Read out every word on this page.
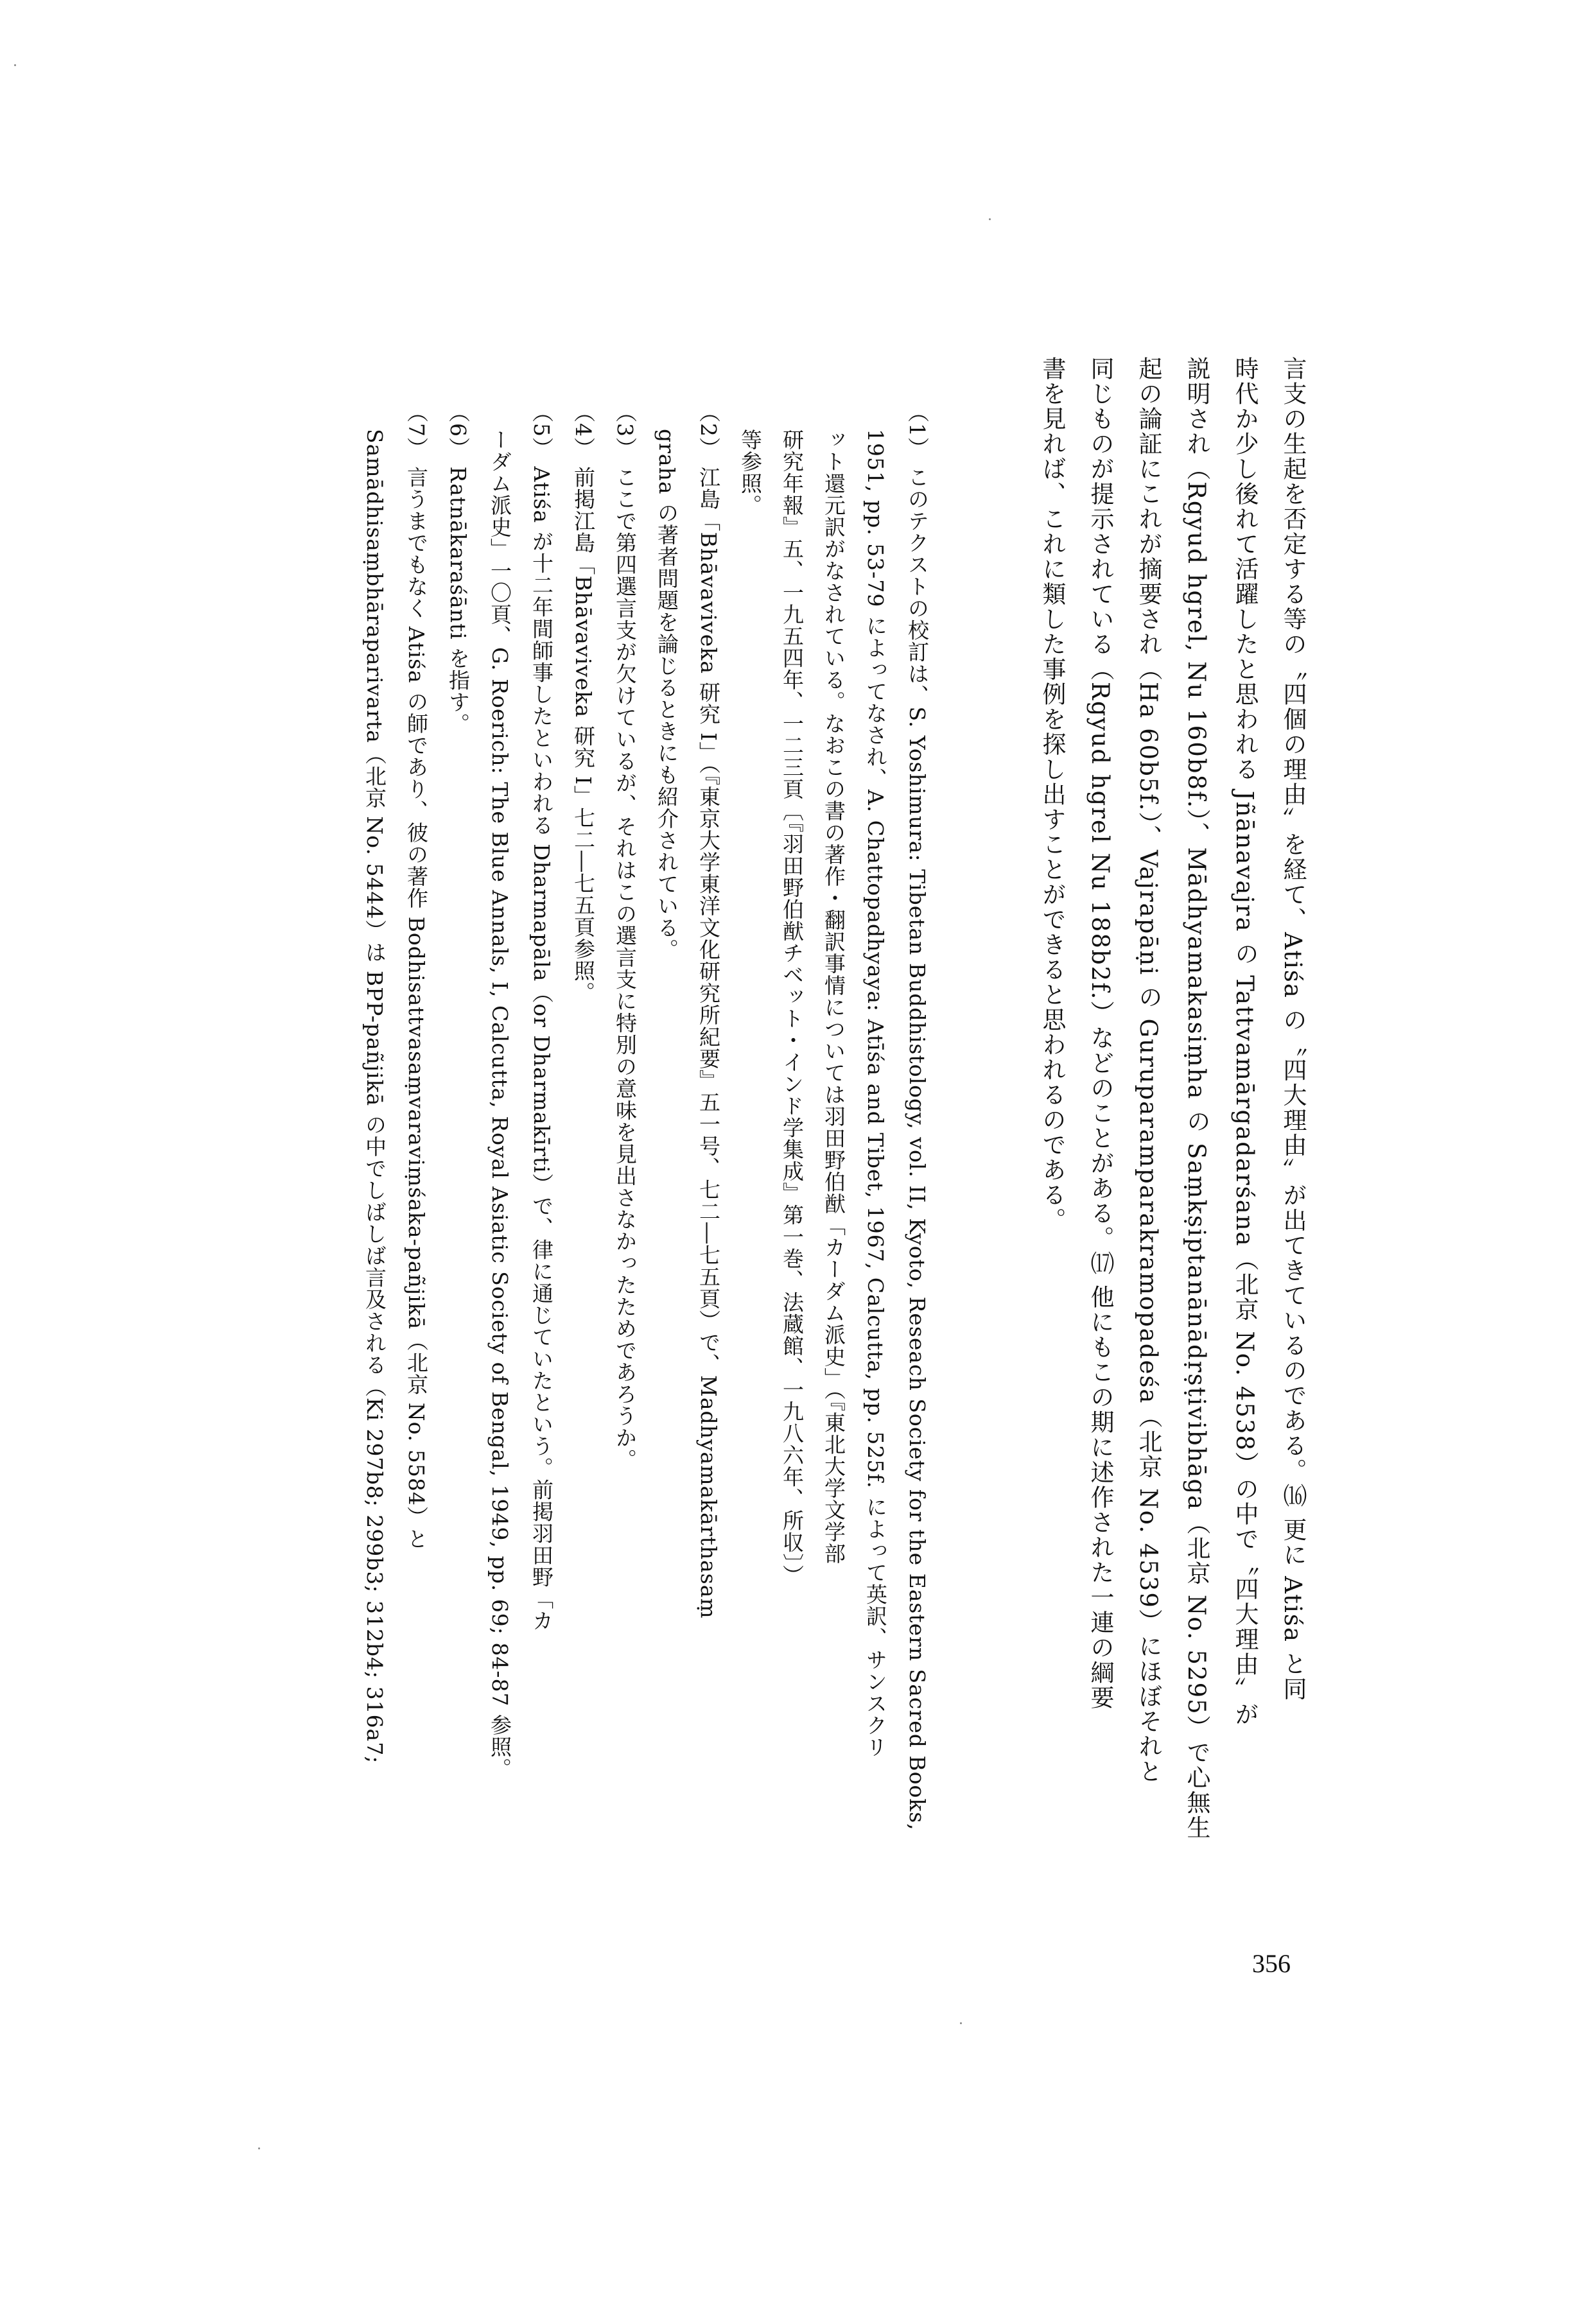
言支の生起を否定する等の〝四個の理由〟を経て、Atiśa の〝四大理由〟が出てきているのである。⒃ 更に Atiśa と同
時代か少し後れて活躍したと思われる Jñānavajra の Tattvamārgadarśana（北京 No. 4538）の中で〝四大理由〟が
説明され（Rgyud hgrel, Nu 160b8f.）、Mādhyamakasiṃha の Saṃkṣiptanānādṛṣṭivibhāga（北京 No. 5295）で心無生
起の論証にこれが摘要され（Ha 60b5f.）、Vajrapāṇi の Guruparamparakramopadeśa（北京 No. 4539）にほぼそれと
同じものが提示されている（Rgyud hgrel Nu 188b2f.）などのことがある。⒄ 他にもこの期に述作された一連の綱要
書を見れば、これに類した事例を探し出すことができると思われるのである。
（1） このテクストの校訂は、S. Yoshimura: Tibetan Buddhistology, vol. II, Kyoto, Reseach Society for the Eastern Sacred Books,
1951, pp. 53-79 によってなされ、A. Chattopadhyaya: Atīśa and Tibet, 1967, Calcutta, pp. 525f. によって英訳、サンスクリ
ット還元訳がなされている。なおこの書の著作・翻訳事情については羽田野伯猷「カーダム派史」（『東北大学文学部
研究年報』五、一九五四年、一二三頁〔『羽田野伯猷チベット・インド学集成』第一巻、法蔵館、一九八六年、所収〕）
等参照。
（2） 江島「Bhāvaviveka 研究 I」（『東京大学東洋文化研究所紀要』五一号、七二―七五頁）で、Madhyamakārthasaṃ
graha の著者問題を論じるときにも紹介されている。
（3） ここで第四選言支が欠けているが、それはこの選言支に特別の意味を見出さなかったためであろうか。
（4） 前掲江島「Bhāvaviveka 研究 I」七二―七五頁参照。
（5） Atiśa が十二年間師事したといわれる Dharmapāla（or Dharmakīrti）で、律に通じていたという。前掲羽田野「カ
ーダム派史」一〇頁、G. Roerich: The Blue Annals, I, Calcutta, Royal Asiatic Society of Bengal, 1949, pp. 69; 84-87 参照。
（6） Ratnākaraśānti を指す。
（7） 言うまでもなく Atiśa の師であり、彼の著作 Bodhisattvasaṃvaraviṃśaka-pañjikā（北京 No. 5584）と
Samādhisaṃbhāraparivarta（北京 No. 5444）は BPP-pañjikā の中でしばしば言及される（Ki 297b8; 299b3; 312b4; 316a7;
356
